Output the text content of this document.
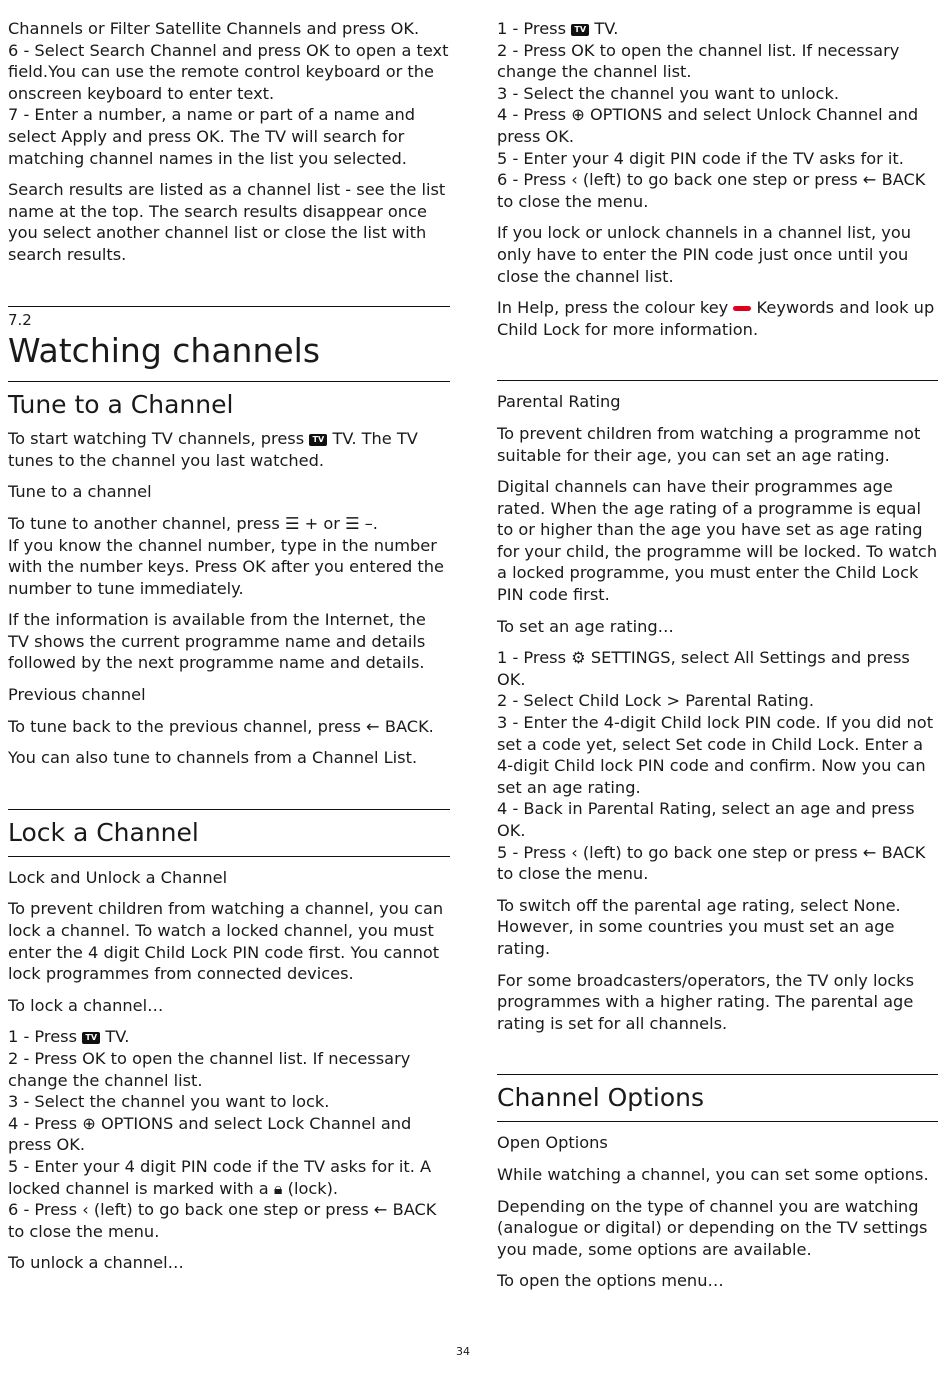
Channels or Filter Satellite Channels and press OK.
6 - Select Search Channel and press OK to open a text field.You can use the remote control keyboard or the onscreen keyboard to enter text.
7 - Enter a number, a name or part of a name and select Apply and press OK. The TV will search for matching channel names in the list you selected.

Search results are listed as a channel list - see the list name at the top. The search results disappear once you select another channel list or close the list with search results.

7.2
Watching channels
Tune to a Channel

To start watching TV channels, press TV TV. The TV tunes to the channel you last watched.

Tune to a channel

To tune to another channel, press ☰ + or ☰ –.
If you know the channel number, type in the number with the number keys. Press OK after you entered the number to tune immediately.

If the information is available from the Internet, the TV shows the current programme name and details followed by the next programme name and details.

Previous channel

To tune back to the previous channel, press ← BACK.

You can also tune to channels from a Channel List.

Lock a Channel
Lock and Unlock a Channel

To prevent children from watching a channel, you can lock a channel. To watch a locked channel, you must enter the 4 digit Child Lock PIN code first. You cannot lock programmes from connected devices.

To lock a channel…

1 - Press TV TV.
2 - Press OK to open the channel list. If necessary change the channel list.
3 - Select the channel you want to lock.
4 - Press ⊕ OPTIONS and select Lock Channel and press OK.
5 - Enter your 4 digit PIN code if the TV asks for it. A locked channel is marked with a 🔒︎ (lock).
6 - Press ‹ (left) to go back one step or press ← BACK to close the menu.

To unlock a channel…

1 - Press TV TV.
2 - Press OK to open the channel list. If necessary change the channel list.
3 - Select the channel you want to unlock.
4 - Press ⊕ OPTIONS and select Unlock Channel and press OK.
5 - Enter your 4 digit PIN code if the TV asks for it.
6 - Press ‹ (left) to go back one step or press ← BACK to close the menu.

If you lock or unlock channels in a channel list, you only have to enter the PIN code just once until you close the channel list.

In Help, press the colour key Keywords and look up Child Lock for more information.

Parental Rating

To prevent children from watching a programme not suitable for their age, you can set an age rating.

Digital channels can have their programmes age rated. When the age rating of a programme is equal to or higher than the age you have set as age rating for your child, the programme will be locked. To watch a locked programme, you must enter the Child Lock PIN code first.

To set an age rating…

1 - Press ⚙ SETTINGS, select All Settings and press OK.
2 - Select Child Lock > Parental Rating.
3 - Enter the 4-digit Child lock PIN code. If you did not set a code yet, select Set code in Child Lock. Enter a 4-digit Child lock PIN code and confirm. Now you can set an age rating.
4 - Back in Parental Rating, select an age and press OK.
5 - Press ‹ (left) to go back one step or press ← BACK to close the menu.

To switch off the parental age rating, select None. However, in some countries you must set an age rating.

For some broadcasters/operators, the TV only locks programmes with a higher rating. The parental age rating is set for all channels.

Channel Options
Open Options

While watching a channel, you can set some options.

Depending on the type of channel you are watching (analogue or digital) or depending on the TV settings you made, some options are available.

To open the options menu…

34
